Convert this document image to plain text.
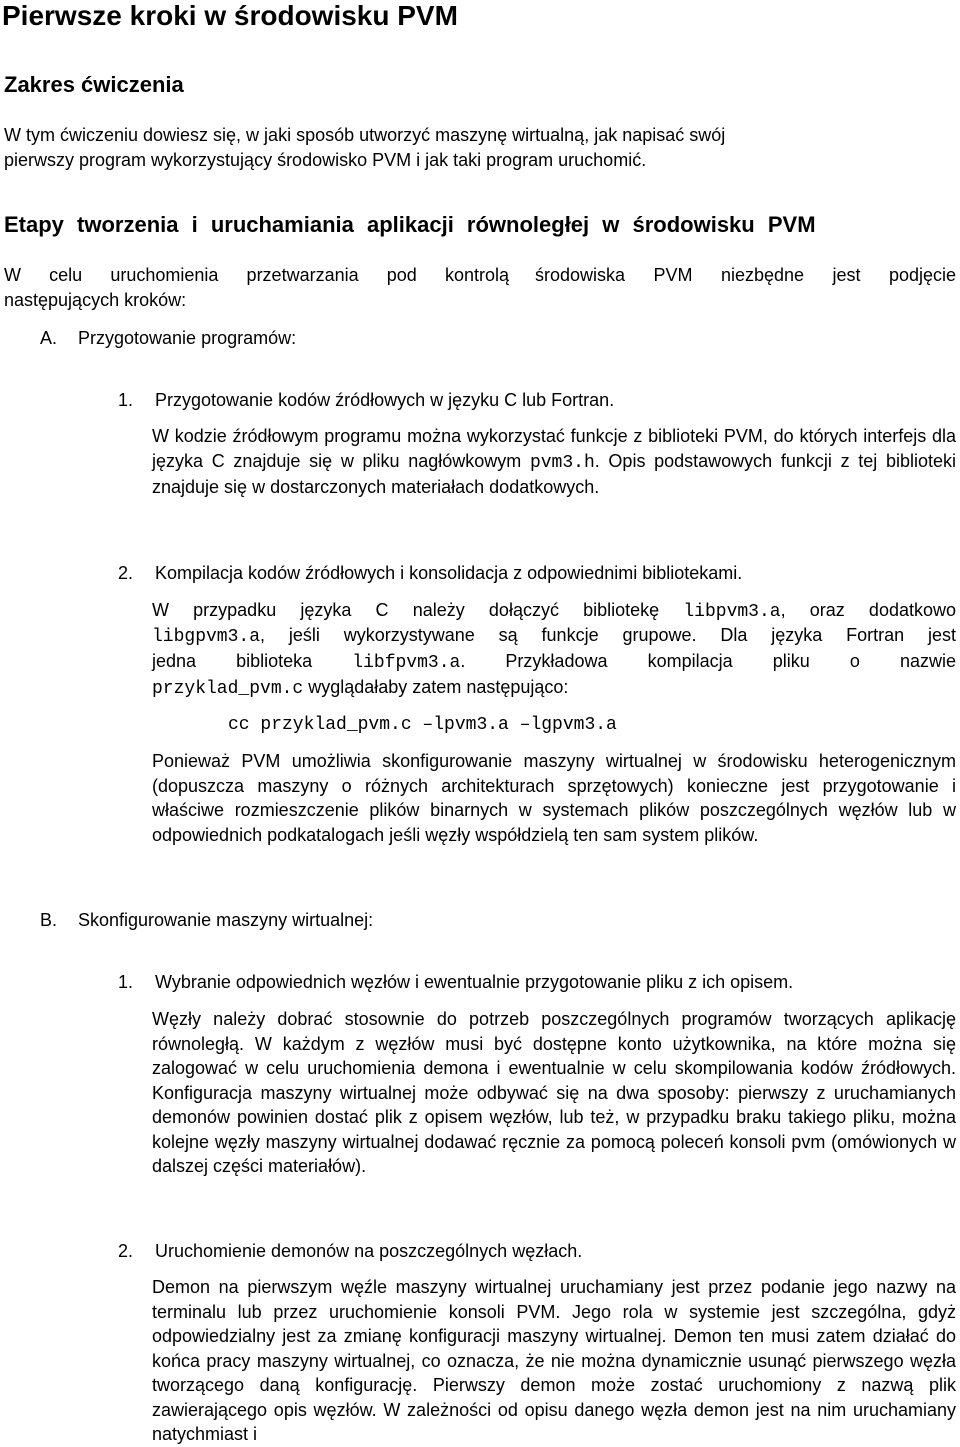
Pierwsze kroki w środowisku PVM
Zakres ćwiczenia

W tym ćwiczeniu dowiesz się, w jaki sposób utworzyć maszynę wirtualną, jak napisać swój pierwszy program wykorzystujący środowisko PVM i jak taki program uruchomić.

Etapy tworzenia i uruchamiania aplikacji równoległej w środowisku PVM
W celu uruchomienia przetwarzania pod kontrolą środowiska PVM niezbędne jest podjęcie
następujących kroków:
A. Przygotowanie programów:
1. Przygotowanie kodów źródłowych w języku C lub Fortran.

W kodzie źródłowym programu można wykorzystać funkcje z biblioteki PVM, do których interfejs dla języka C znajduje się w pliku nagłówkowym pvm3.h. Opis podstawowych funkcji z tej biblioteki znajduje się w dostarczonych materiałach dodatkowych.

2. Kompilacja kodów źródłowych i konsolidacja z odpowiednimi bibliotekami.
W przypadku języka C należy dołączyć bibliotekę libpvm3.a, oraz dodatkowo
libgpvm3.a, jeśli wykorzystywane są funkcje grupowe. Dla języka Fortran jest
jedna biblioteka libfpvm3.a. Przykładowa kompilacja pliku o nazwie
przyklad_pvm.c wyglądałaby zatem następująco:
cc przyklad_pvm.c –lpvm3.a –lgpvm3.a

Ponieważ PVM umożliwia skonfigurowanie maszyny wirtualnej w środowisku heterogenicznym (dopuszcza maszyny o różnych architekturach sprzętowych) konieczne jest przygotowanie i właściwe rozmieszczenie plików binarnych w systemach plików poszczególnych węzłów lub w odpowiednich podkatalogach jeśli węzły współdzielą ten sam system plików.

B. Skonfigurowanie maszyny wirtualnej:
1. Wybranie odpowiednich węzłów i ewentualnie przygotowanie pliku z ich opisem.

Węzły należy dobrać stosownie do potrzeb poszczególnych programów tworzących aplikację równoległą. W każdym z węzłów musi być dostępne konto użytkownika, na które można się zalogować w celu uruchomienia demona i ewentualnie w celu skompilowania kodów źródłowych. Konfiguracja maszyny wirtualnej może odbywać się na dwa sposoby: pierwszy z uruchamianych demonów powinien dostać plik z opisem węzłów, lub też, w przypadku braku takiego pliku, można kolejne węzły maszyny wirtualnej dodawać ręcznie za pomocą poleceń konsoli pvm (omówionych w dalszej części materiałów).

2. Uruchomienie demonów na poszczególnych węzłach.

Demon na pierwszym węźle maszyny wirtualnej uruchamiany jest przez podanie jego nazwy na terminalu lub przez uruchomienie konsoli PVM. Jego rola w systemie jest szczególna, gdyż odpowiedzialny jest za zmianę konfiguracji maszyny wirtualnej. Demon ten musi zatem działać do końca pracy maszyny wirtualnej, co oznacza, że nie można dynamicznie usunąć pierwszego węzła tworzącego daną konfigurację. Pierwszy demon może zostać uruchomiony z nazwą plik zawierającego opis węzłów. W zależności od opisu danego węzła demon jest na nim uruchamiany natychmiast i
